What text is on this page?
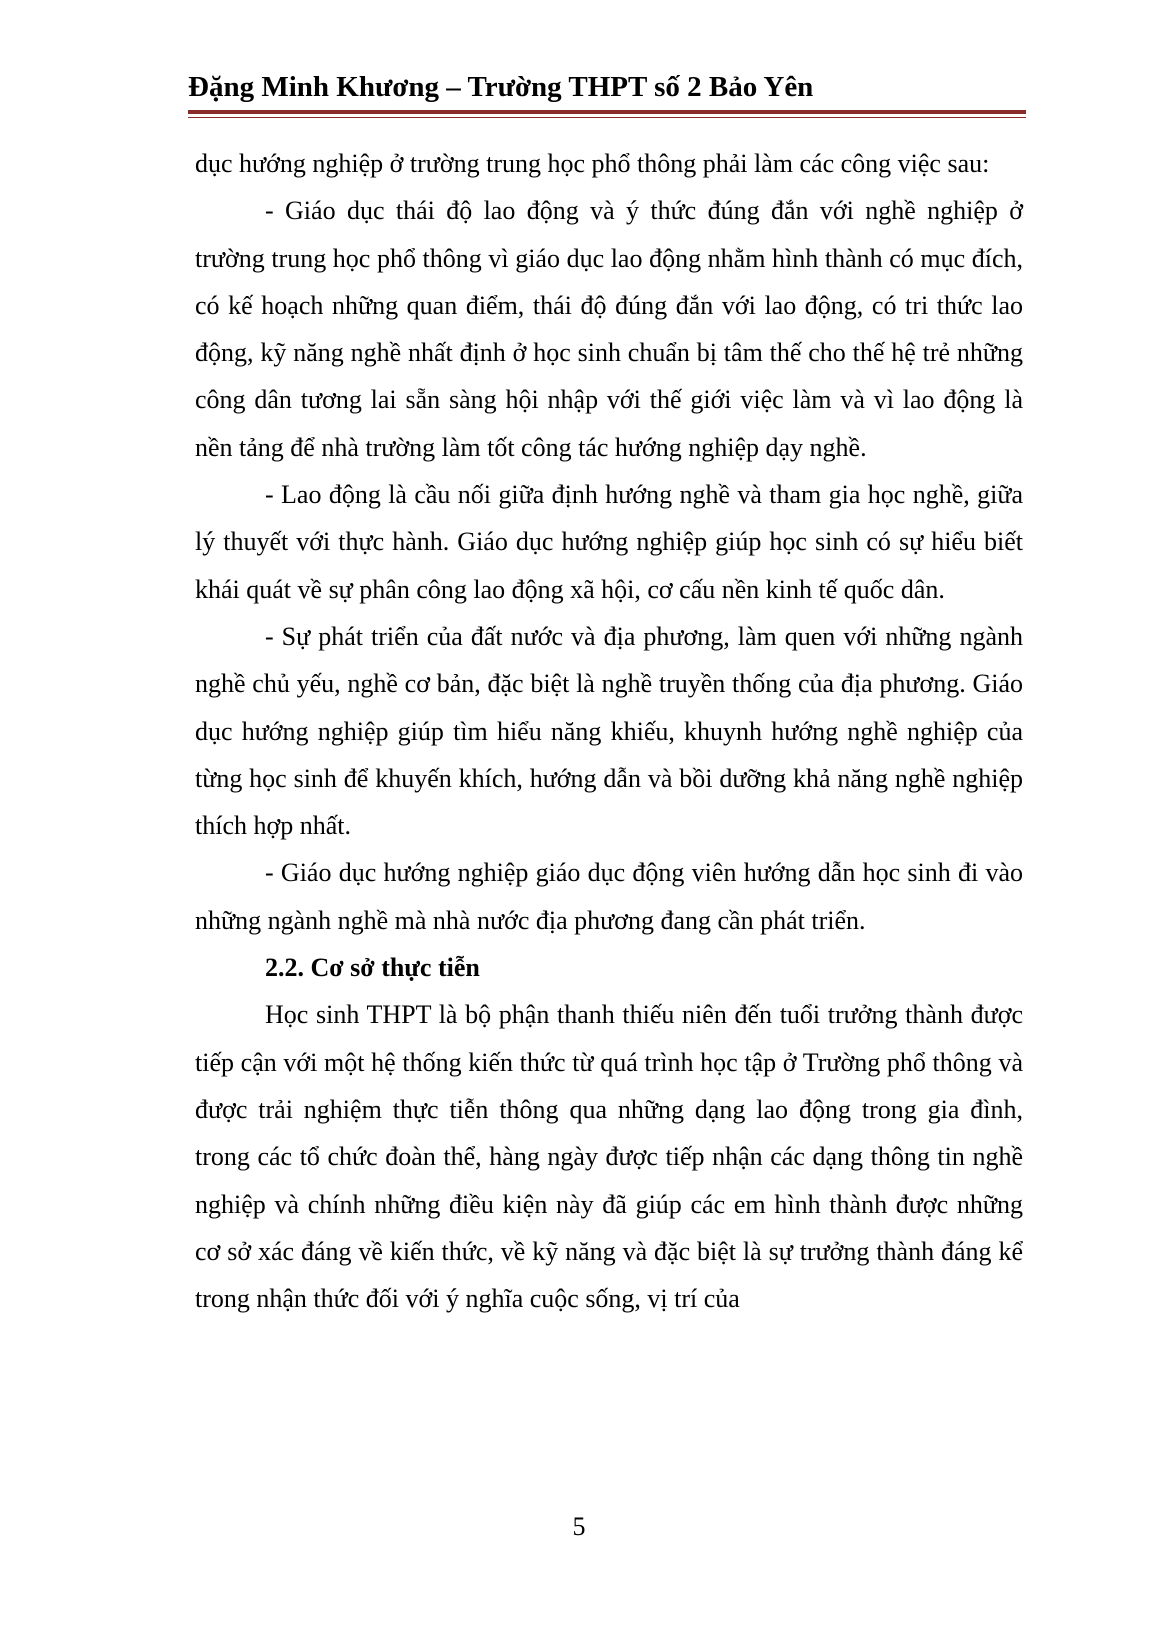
Đặng Minh Khương – Trường THPT số 2 Bảo Yên

dục hướng nghiệp ở trường trung học phổ thông phải làm các công việc sau:

- Giáo dục thái độ lao động và ý thức đúng đắn với nghề nghiệp ở trường trung học phổ thông vì giáo dục lao động nhằm hình thành có mục đích, có kế hoạch những quan điểm, thái độ đúng đắn với lao động, có tri thức lao động, kỹ năng nghề nhất định ở học sinh chuẩn bị tâm thế cho thế hệ trẻ những công dân tương lai sẵn sàng hội nhập với thế giới việc làm và vì lao động là nền tảng để nhà trường làm tốt công tác hướng nghiệp dạy nghề.

- Lao động là cầu nối giữa định hướng nghề và tham gia học nghề, giữa lý thuyết với thực hành. Giáo dục hướng nghiệp giúp học sinh có sự hiểu biết khái quát về sự phân công lao động xã hội, cơ cấu nền kinh tế quốc dân.

- Sự phát triển của đất nước và địa phương, làm quen với những ngành nghề chủ yếu, nghề cơ bản, đặc biệt là nghề truyền thống của địa phương. Giáo dục hướng nghiệp giúp tìm hiểu năng khiếu, khuynh hướng nghề nghiệp của từng học sinh để khuyến khích, hướng dẫn và bồi dưỡng khả năng nghề nghiệp thích hợp nhất.

- Giáo dục hướng nghiệp giáo dục động viên hướng dẫn học sinh đi vào những ngành nghề mà nhà nước địa phương đang cần phát triển.

2.2. Cơ sở thực tiễn

Học sinh THPT là bộ phận thanh thiếu niên đến tuổi trưởng thành được tiếp cận với một hệ thống kiến thức từ quá trình học tập ở Trường phổ thông và được trải nghiệm thực tiễn thông qua những dạng lao động trong gia đình, trong các tổ chức đoàn thể, hàng ngày được tiếp nhận các dạng thông tin nghề nghiệp và chính những điều kiện này đã giúp các em hình thành được những cơ sở xác đáng về kiến thức, về kỹ năng và đặc biệt là sự trưởng thành đáng kể trong nhận thức đối với ý nghĩa cuộc sống, vị trí của

5
